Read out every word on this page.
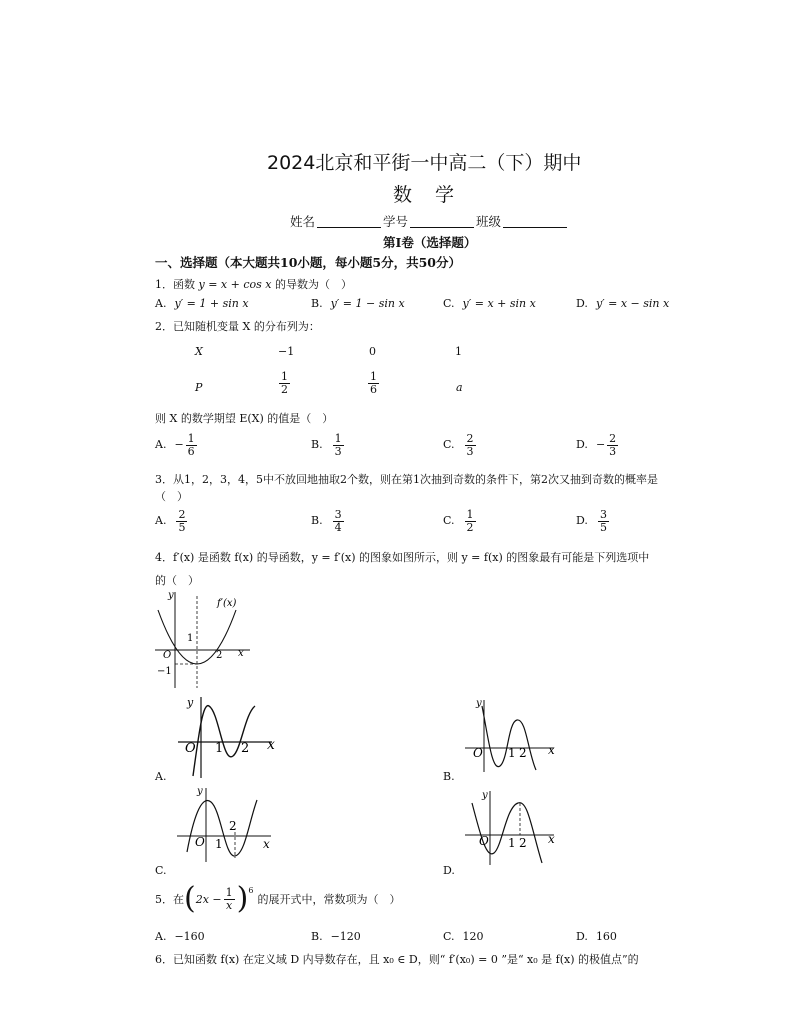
2024北京和平街一中高二（下）期中
数　学
姓名	学号	班级
第I卷（选择题）
一、选择题（本大题共10小题，每小题5分，共50分）
1．函数 y = x + cos x 的导数为（　）
A. y′ = 1 + sin x	B. y′ = 1 − sin x	C. y′ = x + sin x	D. y′ = x − sin x
2．已知随机变量 X 的分布列为：
X	−1	0	1
P	$\frac{1}{2}$	$\frac{1}{6}$	a
则 X 的数学期望 E(X) 的值是（　）
A. − $\frac{1}{6}$	B. $\frac{1}{3}$	C. $\frac{2}{3}$	D. − $\frac{2}{3}$
3．从1，2，3，4，5中不放回地抽取2个数，则在第1次抽到奇数的条件下，第2次又抽到奇数的概率是
（　）
A. $\frac{2}{5}$	B. $\frac{3}{4}$	C. $\frac{1}{2}$	D. $\frac{3}{5}$
4．f′(x) 是函数 f(x) 的导函数，y = f′(x) 的图象如图所示，则 y = f(x) 的图象最有可能是下列选项中
的（　）
y
f′(x)
1
O	2 x
−1
y
O 1 2 x
A.
y
O 1 2 x
B.
y
O 1
2
x
C.
y
O 1 2 x
D.
5．在 ( $2x - \frac{1}{x} )^6$
的展开式中，常数项为（　）
A. −160	B. −120	C. 120	D. 160
6．已知函数 f(x) 在定义域 D 内导数存在，且 x₀ ∈ D，则“ f′(x₀) = 0 ”是“ x₀ 是 f(x) 的极值点”的
